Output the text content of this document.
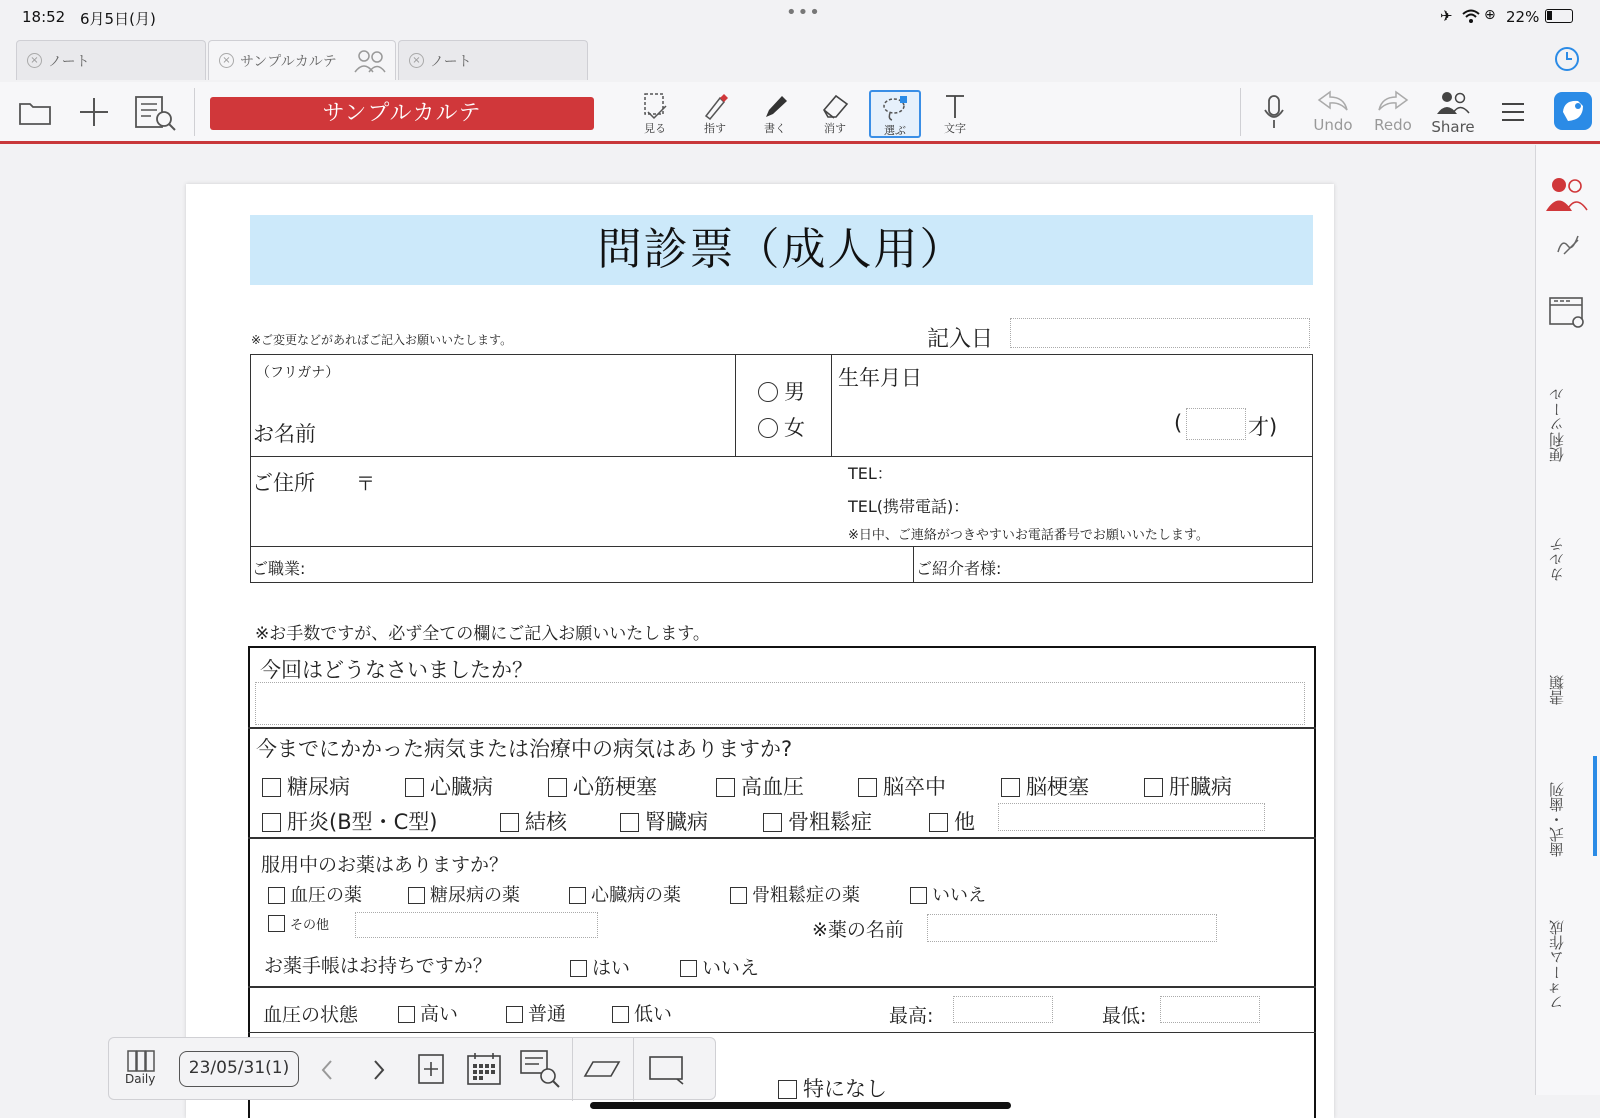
18:52 6月5日(月)	•••	✈ ⊕ 22%
× ノート	× サンプルカルテ	× ノート
サンプルカルテ
見る	指す	書く	消す	選ぶ	文字	Undo	Redo	Share
便利ツール
カルテ
書類
歯式・歯列
フォーム作成
問診票（成人用）
※ご変更などがあればご記入お願いいたします。	記入日
（フリガナ）
お名前
男
女
生年月日
(	才)
ご住所 〒	TEL：
TEL(携帯電話)：
※日中、ご連絡がつきやすいお電話番号でお願いいたします。
ご職業:	ご紹介者様:
※お手数ですが、必ず全ての欄にご記入お願いいたします。
今回はどうなさいましたか？
今までにかかった病気または治療中の病気はありますか?
糖尿病	心臓病	心筋梗塞	高血圧	脳卒中	脳梗塞	肝臓病
肝炎(B型・C型)	結核	腎臓病	骨粗鬆症	他
服用中のお薬はありますか？
血圧の薬	糖尿病の薬	心臓病の薬	骨粗鬆症の薬	いいえ
その他	※薬の名前
お薬手帳はお持ちですか？	はい	いいえ
血圧の状態	高い	普通	低い	最高:	最低:
特になし
Daily
23/05/31(1)
